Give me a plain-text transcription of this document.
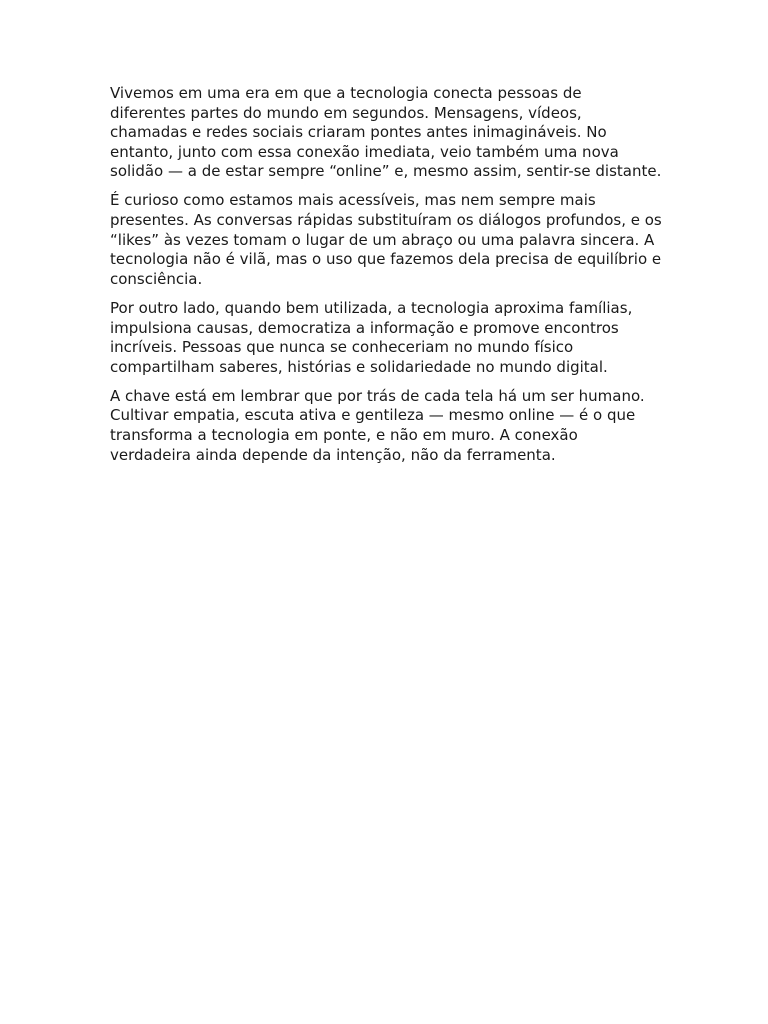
Vivemos em uma era em que a tecnologia conecta pessoas de diferentes partes do mundo em segundos. Mensagens, vídeos, chamadas e redes sociais criaram pontes antes inimagináveis. No entanto, junto com essa conexão imediata, veio também uma nova solidão — a de estar sempre “online” e, mesmo assim, sentir-se distante.

É curioso como estamos mais acessíveis, mas nem sempre mais presentes. As conversas rápidas substituíram os diálogos profundos, e os “likes” às vezes tomam o lugar de um abraço ou uma palavra sincera. A tecnologia não é vilã, mas o uso que fazemos dela precisa de equilíbrio e consciência.

Por outro lado, quando bem utilizada, a tecnologia aproxima famílias, impulsiona causas, democratiza a informação e promove encontros incríveis. Pessoas que nunca se conheceriam no mundo físico compartilham saberes, histórias e solidariedade no mundo digital.

A chave está em lembrar que por trás de cada tela há um ser humano. Cultivar empatia, escuta ativa e gentileza — mesmo online — é o que transforma a tecnologia em ponte, e não em muro. A conexão verdadeira ainda depende da intenção, não da ferramenta.
